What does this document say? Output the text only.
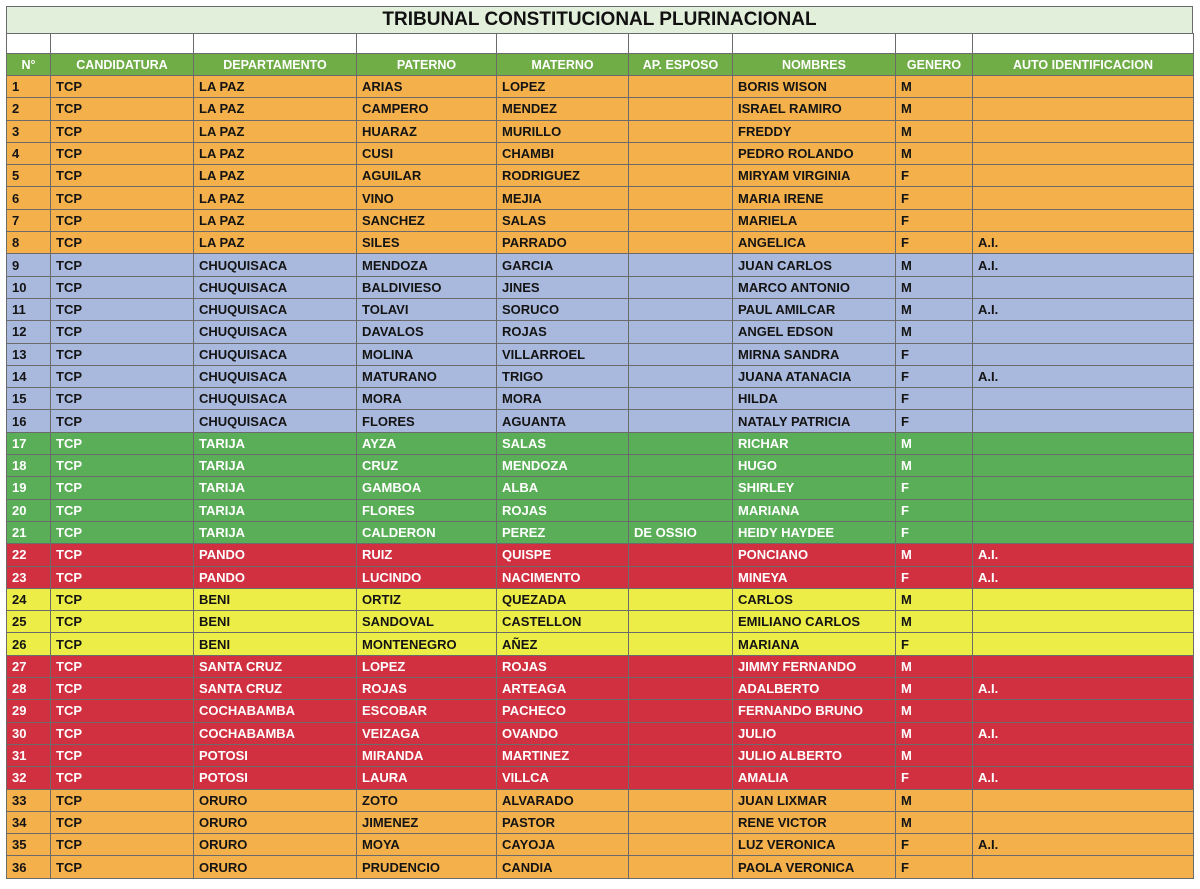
TRIBUNAL CONSTITUCIONAL PLURINACIONAL

N°	CANDIDATURA	DEPARTAMENTO	PATERNO	MATERNO	AP. ESPOSO	NOMBRES	GENERO	AUTO IDENTIFICACION
1	TCP	LA PAZ	ARIAS	LOPEZ		BORIS WISON	M	
2	TCP	LA PAZ	CAMPERO	MENDEZ		ISRAEL RAMIRO	M	
3	TCP	LA PAZ	HUARAZ	MURILLO		FREDDY	M	
4	TCP	LA PAZ	CUSI	CHAMBI		PEDRO ROLANDO	M	
5	TCP	LA PAZ	AGUILAR	RODRIGUEZ		MIRYAM VIRGINIA	F	
6	TCP	LA PAZ	VINO	MEJIA		MARIA IRENE	F	
7	TCP	LA PAZ	SANCHEZ	SALAS		MARIELA	F	
8	TCP	LA PAZ	SILES	PARRADO		ANGELICA	F	A.I.
9	TCP	CHUQUISACA	MENDOZA	GARCIA		JUAN CARLOS	M	A.I.
10	TCP	CHUQUISACA	BALDIVIESO	JINES		MARCO ANTONIO	M	
11	TCP	CHUQUISACA	TOLAVI	SORUCO		PAUL AMILCAR	M	A.I.
12	TCP	CHUQUISACA	DAVALOS	ROJAS		ANGEL EDSON	M	
13	TCP	CHUQUISACA	MOLINA	VILLARROEL		MIRNA SANDRA	F	
14	TCP	CHUQUISACA	MATURANO	TRIGO		JUANA ATANACIA	F	A.I.
15	TCP	CHUQUISACA	MORA	MORA		HILDA	F	
16	TCP	CHUQUISACA	FLORES	AGUANTA		NATALY PATRICIA	F	
17	TCP	TARIJA	AYZA	SALAS		RICHAR	M	
18	TCP	TARIJA	CRUZ	MENDOZA		HUGO	M	
19	TCP	TARIJA	GAMBOA	ALBA		SHIRLEY	F	
20	TCP	TARIJA	FLORES	ROJAS		MARIANA	F	
21	TCP	TARIJA	CALDERON	PEREZ	DE OSSIO	HEIDY HAYDEE	F	
22	TCP	PANDO	RUIZ	QUISPE		PONCIANO	M	A.I.
23	TCP	PANDO	LUCINDO	NACIMENTO		MINEYA	F	A.I.
24	TCP	BENI	ORTIZ	QUEZADA		CARLOS	M	
25	TCP	BENI	SANDOVAL	CASTELLON		EMILIANO CARLOS	M	
26	TCP	BENI	MONTENEGRO	AÑEZ		MARIANA	F	
27	TCP	SANTA CRUZ	LOPEZ	ROJAS		JIMMY FERNANDO	M	
28	TCP	SANTA CRUZ	ROJAS	ARTEAGA		ADALBERTO	M	A.I.
29	TCP	COCHABAMBA	ESCOBAR	PACHECO		FERNANDO BRUNO	M	
30	TCP	COCHABAMBA	VEIZAGA	OVANDO		JULIO	M	A.I.
31	TCP	POTOSI	MIRANDA	MARTINEZ		JULIO ALBERTO	M	
32	TCP	POTOSI	LAURA	VILLCA		AMALIA	F	A.I.
33	TCP	ORURO	ZOTO	ALVARADO		JUAN LIXMAR	M	
34	TCP	ORURO	JIMENEZ	PASTOR		RENE VICTOR	M	
35	TCP	ORURO	MOYA	CAYOJA		LUZ VERONICA	F	A.I.
36	TCP	ORURO	PRUDENCIO	CANDIA		PAOLA VERONICA	F	
